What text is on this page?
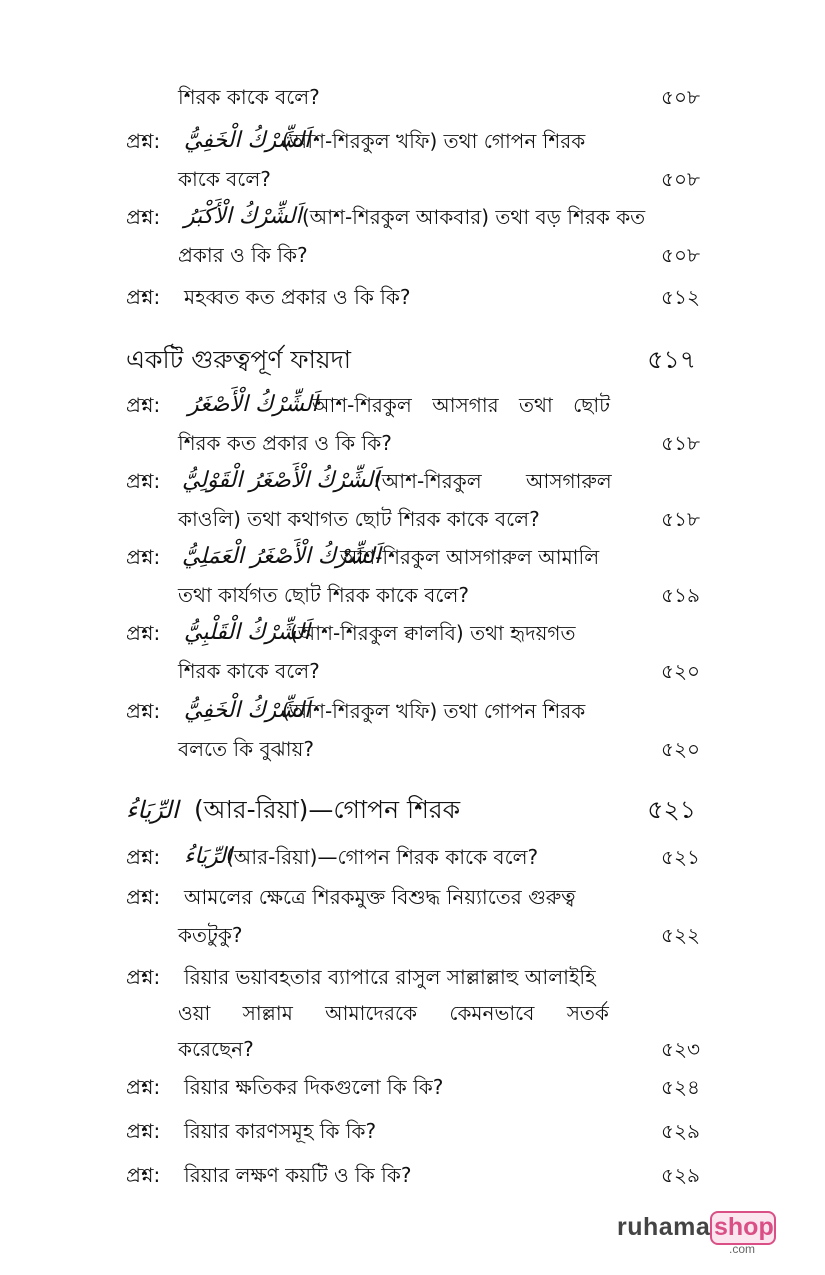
শিরক কাকে বলে?	৫০৮
প্রশ্ন: اَلشِّرْكُ الْخَفِيُّ
(আশ-শিরকুল খফি) তথা গোপন শিরক
কাকে বলে?	৫০৮
প্রশ্ন: اَلشِّرْكُ الْأَكْبَرُ (আশ-শিরকুল আকবার) তথা বড় শিরক কত
প্রকার ও কি কি?	৫০৮
প্রশ্ন: মহব্বত কত প্রকার ও কি কি?	৫১২
একটি গুরুত্বপূর্ণ ফায়দা	৫১৭
প্রশ্ন: اَلشِّرْكُ الْأَصْغَرُ
আশ-শিরকুল আসগার তথা ছোট
শিরক কত প্রকার ও কি কি?	৫১৮
প্রশ্ন: اَلشِّرْكُ الْأَصْغَرُ الْقَوْلِيُّ
(আশ-শিরকুল আসগারুল
কাওলি) তথা কথাগত ছোট শিরক কাকে বলে?	৫১৮
প্রশ্ন: اَلشِّرْكُ الْأَصْغَرُ الْعَمَلِيُّ
আশ-শিরকুল আসগারুল আমালি
তথা কার্যগত ছোট শিরক কাকে বলে?	৫১৯
প্রশ্ন: اَلشِّرْكُ الْقَلْبِيُّ
(আশ-শিরকুল ক্বালবি) তথা হৃদয়গত
শিরক কাকে বলে?	৫২০
প্রশ্ন: اَلشِّرْكُ الْخَفِيُّ
(আশ-শিরকুল খফি) তথা গোপন শিরক
বলতে কি বুঝায়?	৫২০
الرِّيَاءُ (আর-রিয়া)—গোপন শিরক	৫২১
প্রশ্ন: الرِّيَاءُ
(আর-রিয়া)—গোপন শিরক কাকে বলে?	৫২১
প্রশ্ন: আমলের ক্ষেত্রে শিরকমুক্ত বিশুদ্ধ নিয়্যাতের গুরুত্ব
কতটুকু?	৫২২
প্রশ্ন: রিয়ার ভয়াবহতার ব্যাপারে রাসুল সাল্লাল্লাহু আলাইহি
ওয়া সাল্লাম আমাদেরকে কেমনভাবে সতর্ক
করেছেন?	৫২৩
প্রশ্ন: রিয়ার ক্ষতিকর দিকগুলো কি কি?	৫২৪
প্রশ্ন: রিয়ার কারণসমূহ কি কি?	৫২৯
প্রশ্ন: রিয়ার লক্ষণ কয়টি ও কি কি?	৫২৯
ruhama shop
.com
